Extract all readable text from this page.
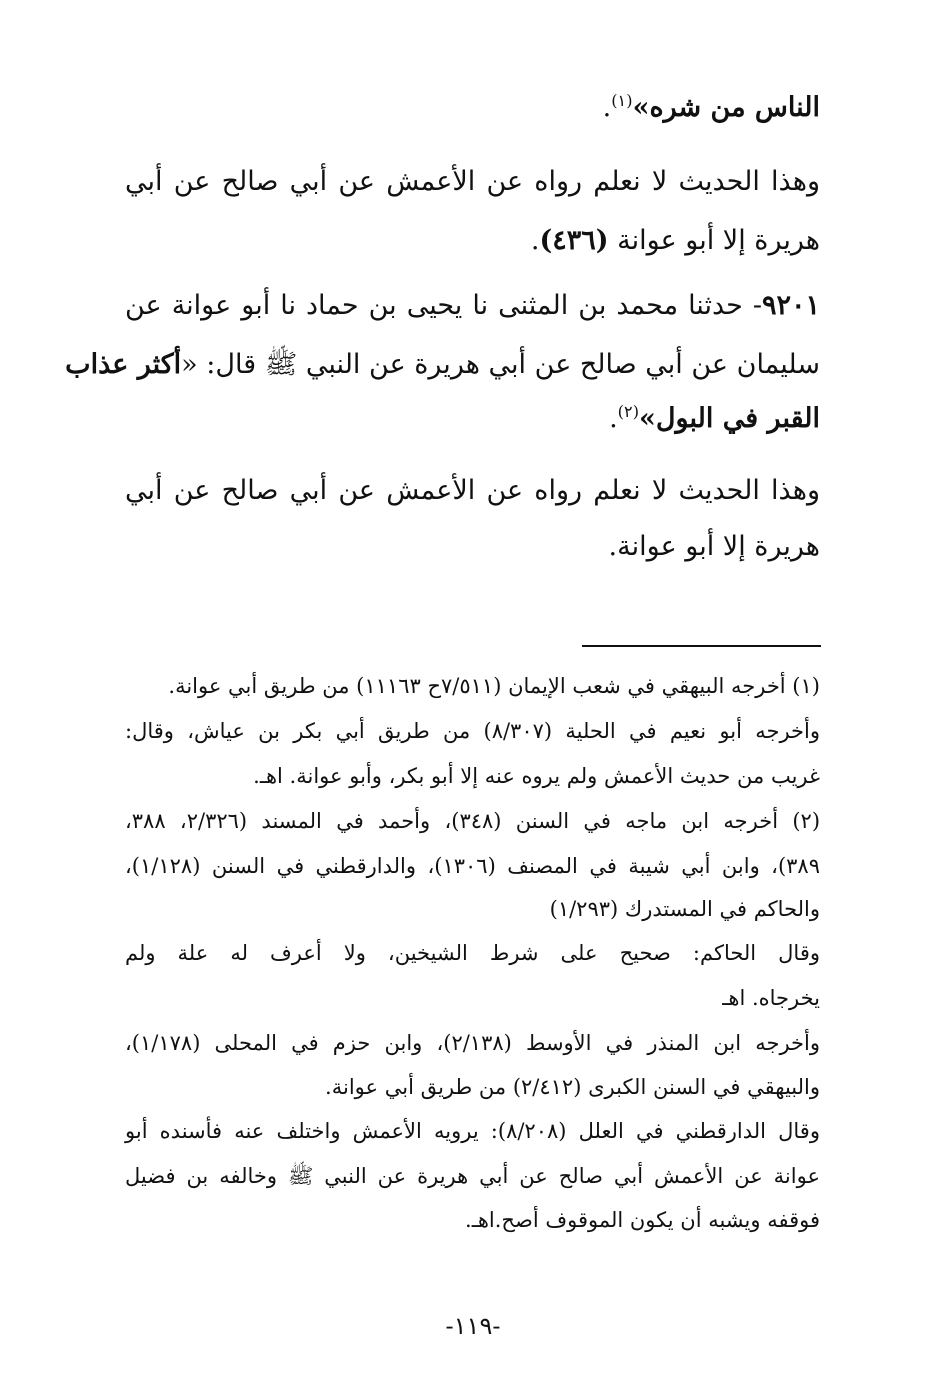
الناس من شره»$^{(١)}$.
وهذا الحديث لا نعلم رواه عن الأعمش عن أبي صالح عن أبي
هريرة إلا أبو عوانة (٤٣٦).
٩٢٠١- حدثنا محمد بن المثنى نا يحيى بن حماد نا أبو عوانة عن
سليمان عن أبي صالح عن أبي هريرة عن النبي ﷺ قال: «أكثر عذاب
القبر في البول»$^{(٢)}$.
وهذا الحديث لا نعلم رواه عن الأعمش عن أبي صالح عن أبي
هريرة إلا أبو عوانة.
(١) أخرجه البيهقي في شعب الإيمان (٧/٥١١ح ١١١٦٣) من طريق أبي عوانة.
وأخرجه أبو نعيم في الحلية (٨/٣٠٧) من طريق أبي بكر بن عياش، وقال:
غريب من حديث الأعمش ولم يروه عنه إلا أبو بكر، وأبو عوانة. اهـ.
(٢) أخرجه ابن ماجه في السنن (٣٤٨)، وأحمد في المسند (٢/٣٢٦، ٣٨٨،
٣٨٩)، وابن أبي شيبة في المصنف (١٣٠٦)، والدارقطني في السنن (١/١٢٨)،
والحاكم في المستدرك (١/٢٩٣)
وقال الحاكم: صحيح على شرط الشيخين، ولا أعرف له علة ولم
يخرجاه. اهـ
وأخرجه ابن المنذر في الأوسط (٢/١٣٨)، وابن حزم في المحلى (١/١٧٨)،
والبيهقي في السنن الكبرى (٢/٤١٢) من طريق أبي عوانة.
وقال الدارقطني في العلل (٨/٢٠٨): يرويه الأعمش واختلف عنه فأسنده أبو
عوانة عن الأعمش أبي صالح عن أبي هريرة عن النبي ﷺ وخالفه بن فضيل
فوقفه ويشبه أن يكون الموقوف أصح.اهـ.
-١١٩-
